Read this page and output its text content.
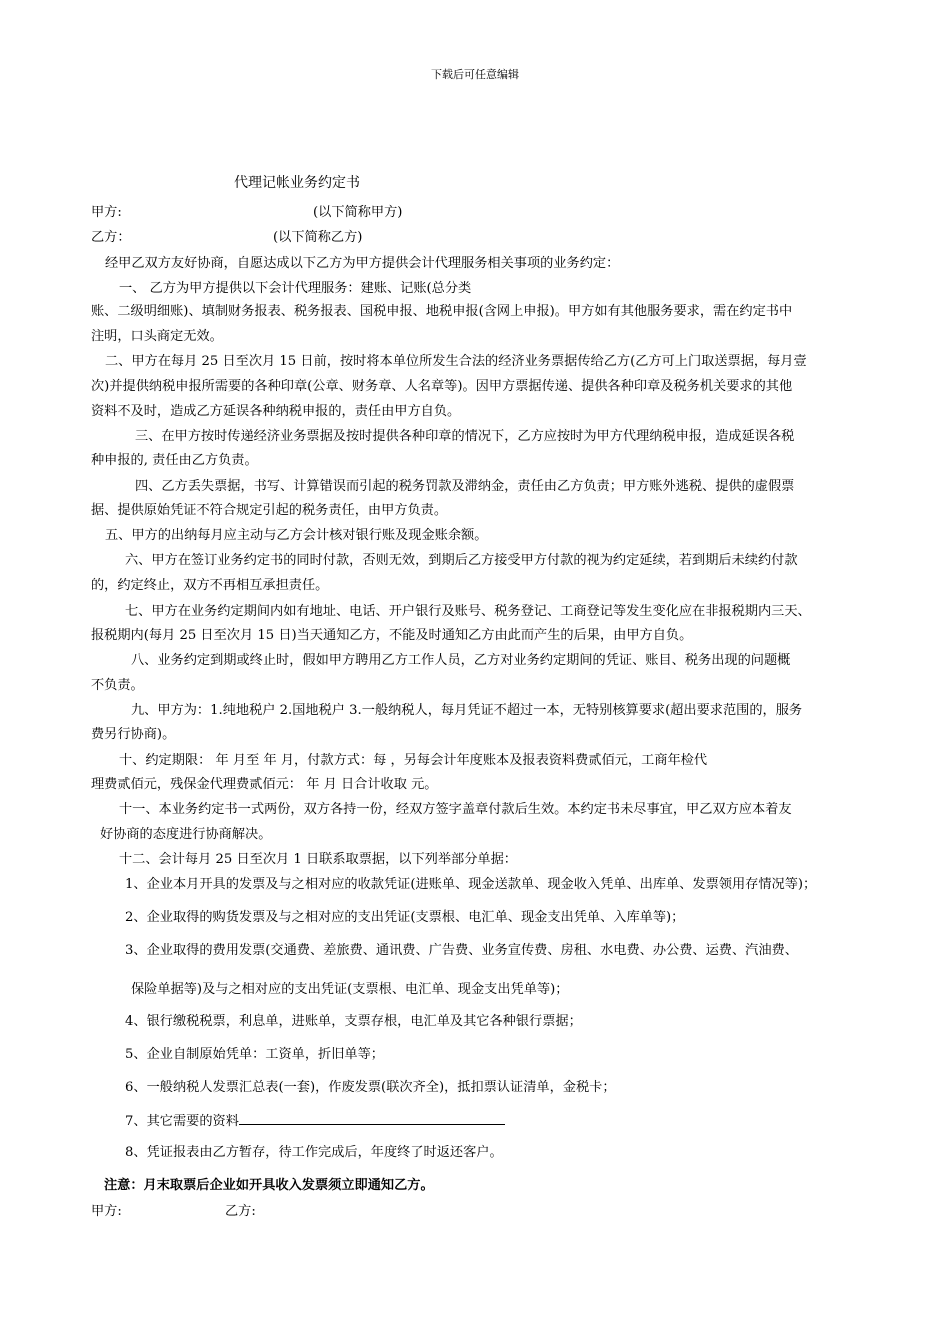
下载后可任意编辑
代理记帐业务约定书
甲方:	(以下简称甲方)
乙方：	(以下简称乙方)
经甲乙双方友好协商，自愿达成以下乙方为甲方提供会计代理服务相关事项的业务约定：
一、 乙方为甲方提供以下会计代理服务：建账、记账(总分类
账、二级明细账)、填制财务报表、税务报表、国税申报、地税申报(含网上申报)。甲方如有其他服务要求，需在约定书中
注明，口头商定无效。
二、甲方在每月 25 日至次月 15 日前，按时将本单位所发生合法的经济业务票据传给乙方(乙方可上门取送票据，每月壹
次)并提供纳税申报所需要的各种印章(公章、财务章、人名章等)。因甲方票据传递、提供各种印章及税务机关要求的其他
资料不及时，造成乙方延误各种纳税申报的，责任由甲方自负。
三、在甲方按时传递经济业务票据及按时提供各种印章的情况下，乙方应按时为甲方代理纳税申报，造成延误各税
种申报的, 责任由乙方负责。
四、乙方丢失票据，书写、计算错误而引起的税务罚款及滞纳金，责任由乙方负责；甲方账外逃税、提供的虚假票
据、提供原始凭证不符合规定引起的税务责任，由甲方负责。
五、甲方的出纳每月应主动与乙方会计核对银行账及现金账余额。
六、甲方在签订业务约定书的同时付款，否则无效，到期后乙方接受甲方付款的视为约定延续，若到期后未续约付款
的，约定终止，双方不再相互承担责任。
七、甲方在业务约定期间内如有地址、电话、开户银行及账号、税务登记、工商登记等发生变化应在非报税期内三天、
报税期内(每月 25 日至次月 15 日)当天通知乙方，不能及时通知乙方由此而产生的后果，由甲方自负。
八、业务约定到期或终止时，假如甲方聘用乙方工作人员，乙方对业务约定期间的凭证、账目、税务出现的问题概
不负责。
九、甲方为：1.纯地税户 2.国地税户 3.一般纳税人，每月凭证不超过一本，无特别核算要求(超出要求范围的，服务
费另行协商)。
十、约定期限： 年 月至 年 月，付款方式：每 ，另每会计年度账本及报表资料费贰佰元，工商年检代
理费贰佰元，残保金代理费贰佰元： 年 月 日合计收取 元。
十一、本业务约定书一式两份，双方各持一份，经双方签字盖章付款后生效。本约定书未尽事宜，甲乙双方应本着友
好协商的态度进行协商解决。
十二、会计每月 25 日至次月 1 日联系取票据，以下列举部分单据：
1、企业本月开具的发票及与之相对应的收款凭证(进账单、现金送款单、现金收入凭单、出库单、发票领用存情况等)；
2、企业取得的购货发票及与之相对应的支出凭证(支票根、电汇单、现金支出凭单、入库单等)；
3、企业取得的费用发票(交通费、差旅费、通讯费、广告费、业务宣传费、房租、水电费、办公费、运费、汽油费、
保险单据等)及与之相对应的支出凭证(支票根、电汇单、现金支出凭单等)；
4、银行缴税税票，利息单，进账单，支票存根，电汇单及其它各种银行票据；
5、企业自制原始凭单：工资单，折旧单等；
6、一般纳税人发票汇总表(一套)，作废发票(联次齐全)，抵扣票认证清单，金税卡；
7、其它需要的资料
8、凭证报表由乙方暂存，待工作完成后，年度终了时返还客户。
注意：月末取票后企业如开具收入发票须立即通知乙方。
甲方:	乙方:
